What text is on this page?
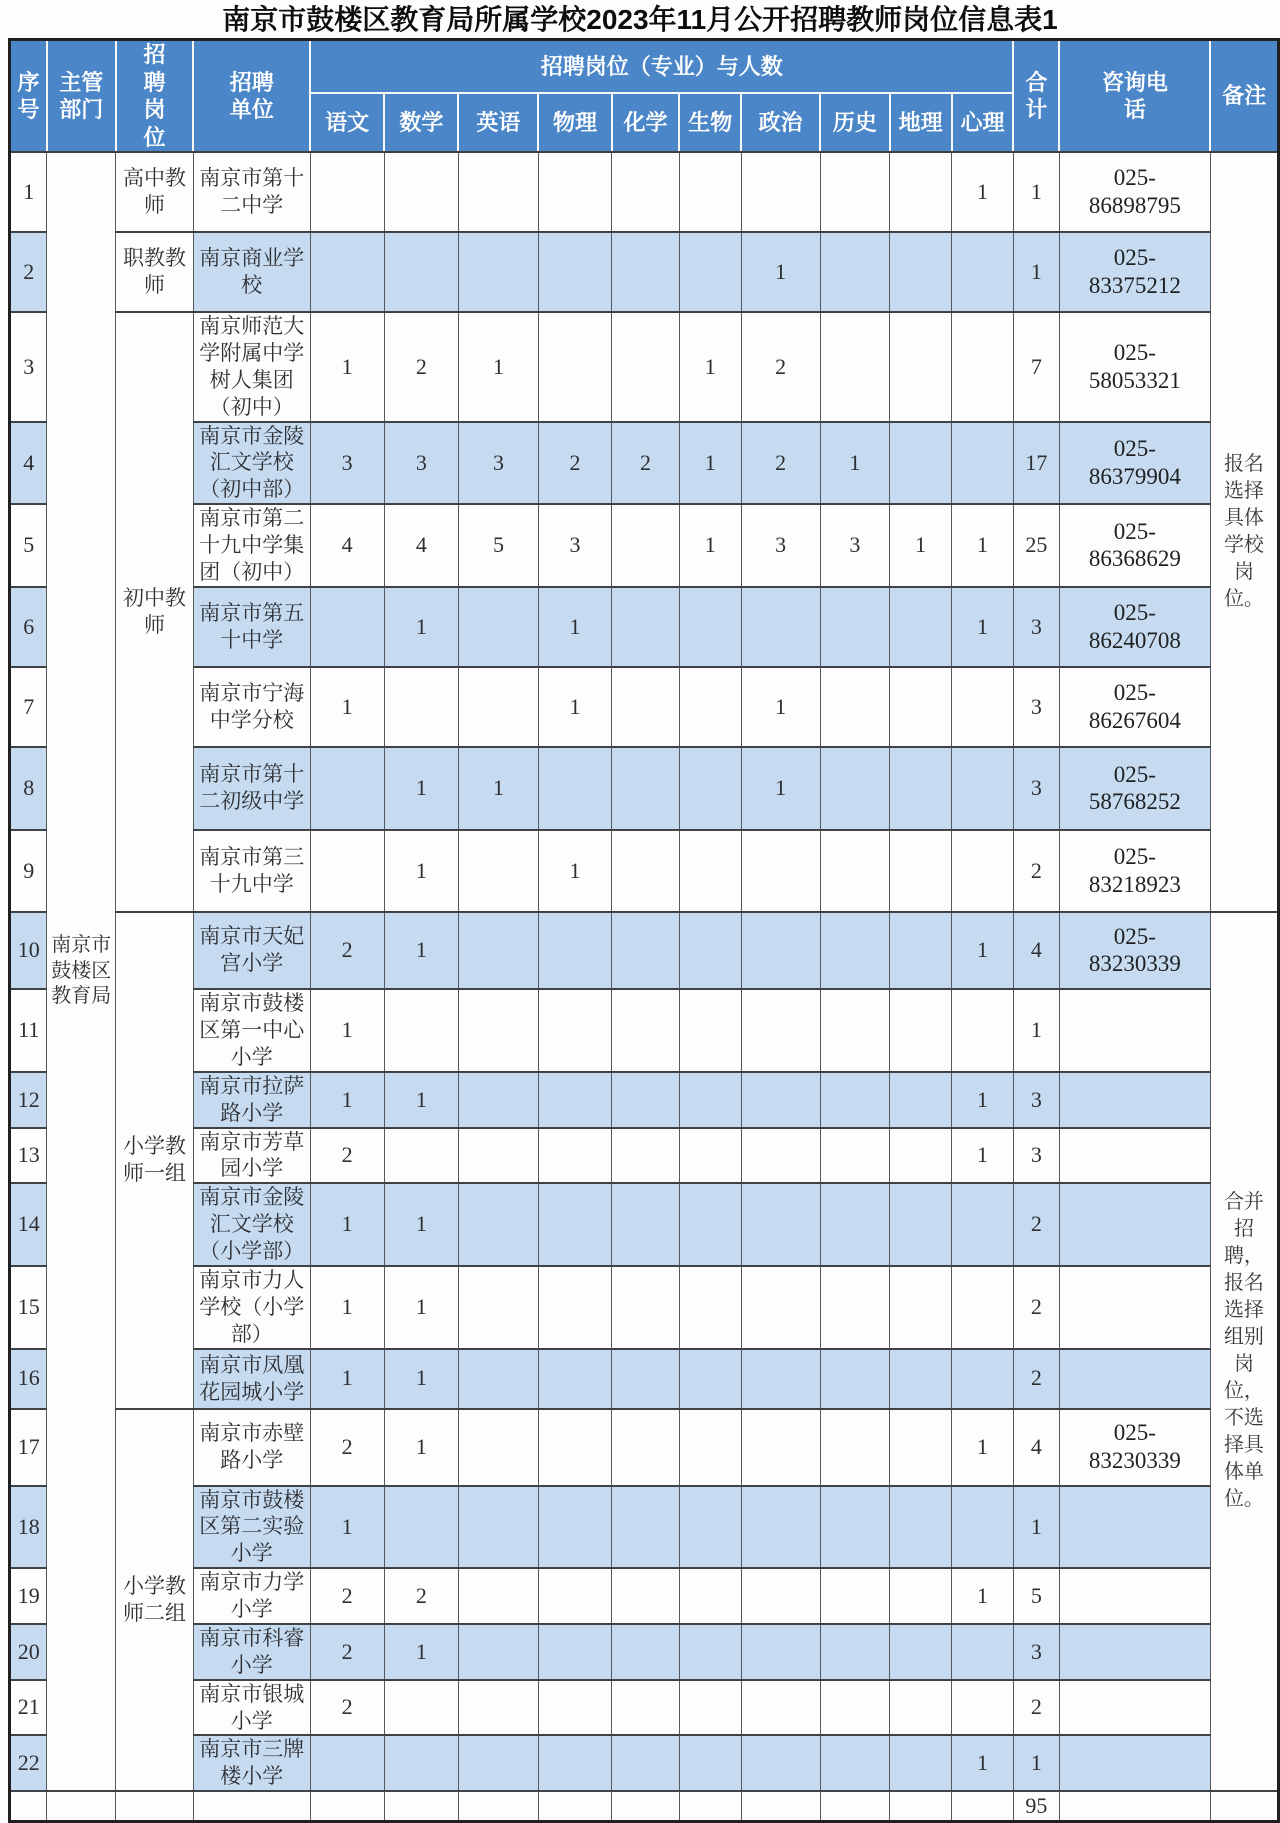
南京市鼓楼区教育局所属学校2023年11月公开招聘教师岗位信息表1
序号	主管部门	招聘岗位	招聘单位	招聘岗位（专业）与人数										合计	咨询电话	备注
				语文	数学	英语	物理	化学	生物	政治	历史	地理	心理			
1	南京市鼓楼区教育局	高中教师	南京市第十二中学										1	1	025-86898795	报名选择具体学校岗位。
2		职教教师	南京商业学校							1				1	025-83375212	
3		初中教师	南京师范大学附属中学树人集团（初中）	1	2	1			1	2				7	025-58053321	
4			南京市金陵汇文学校（初中部）	3	3	3	2	2	1	2	1			17	025-86379904	
5			南京市第二十九中学集团（初中）	4	4	5	3		1	3	3	1	1	25	025-86368629	
6			南京市第五十中学		1		1						1	3	025-86240708	
7			南京市宁海中学分校	1			1			1				3	025-86267604	
8			南京市第十二初级中学		1	1				1				3	025-58768252	
9			南京市第三十九中学		1		1							2	025-83218923	
10		小学教师一组	南京市天妃宫小学	2	1								1	4	025-83230339	合并招聘，报名选择组别岗位，不选择具体单位。
11			南京市鼓楼区第一中心小学	1										1		
12			南京市拉萨路小学	1	1								1	3		
13			南京市芳草园小学	2									1	3		
14			南京市金陵汇文学校（小学部）	1	1									2		
15			南京市力人学校（小学部）	1	1									2		
16			南京市凤凰花园城小学	1	1									2		
17		小学教师二组	南京市赤壁路小学	2	1								1	4	025-83230339	
18			南京市鼓楼区第二实验小学	1										1		
19			南京市力学小学	2	2								1	5		
20			南京市科睿小学	2	1									3		
21			南京市银城小学	2										2		
22			南京市三牌楼小学										1	1		
														95		
